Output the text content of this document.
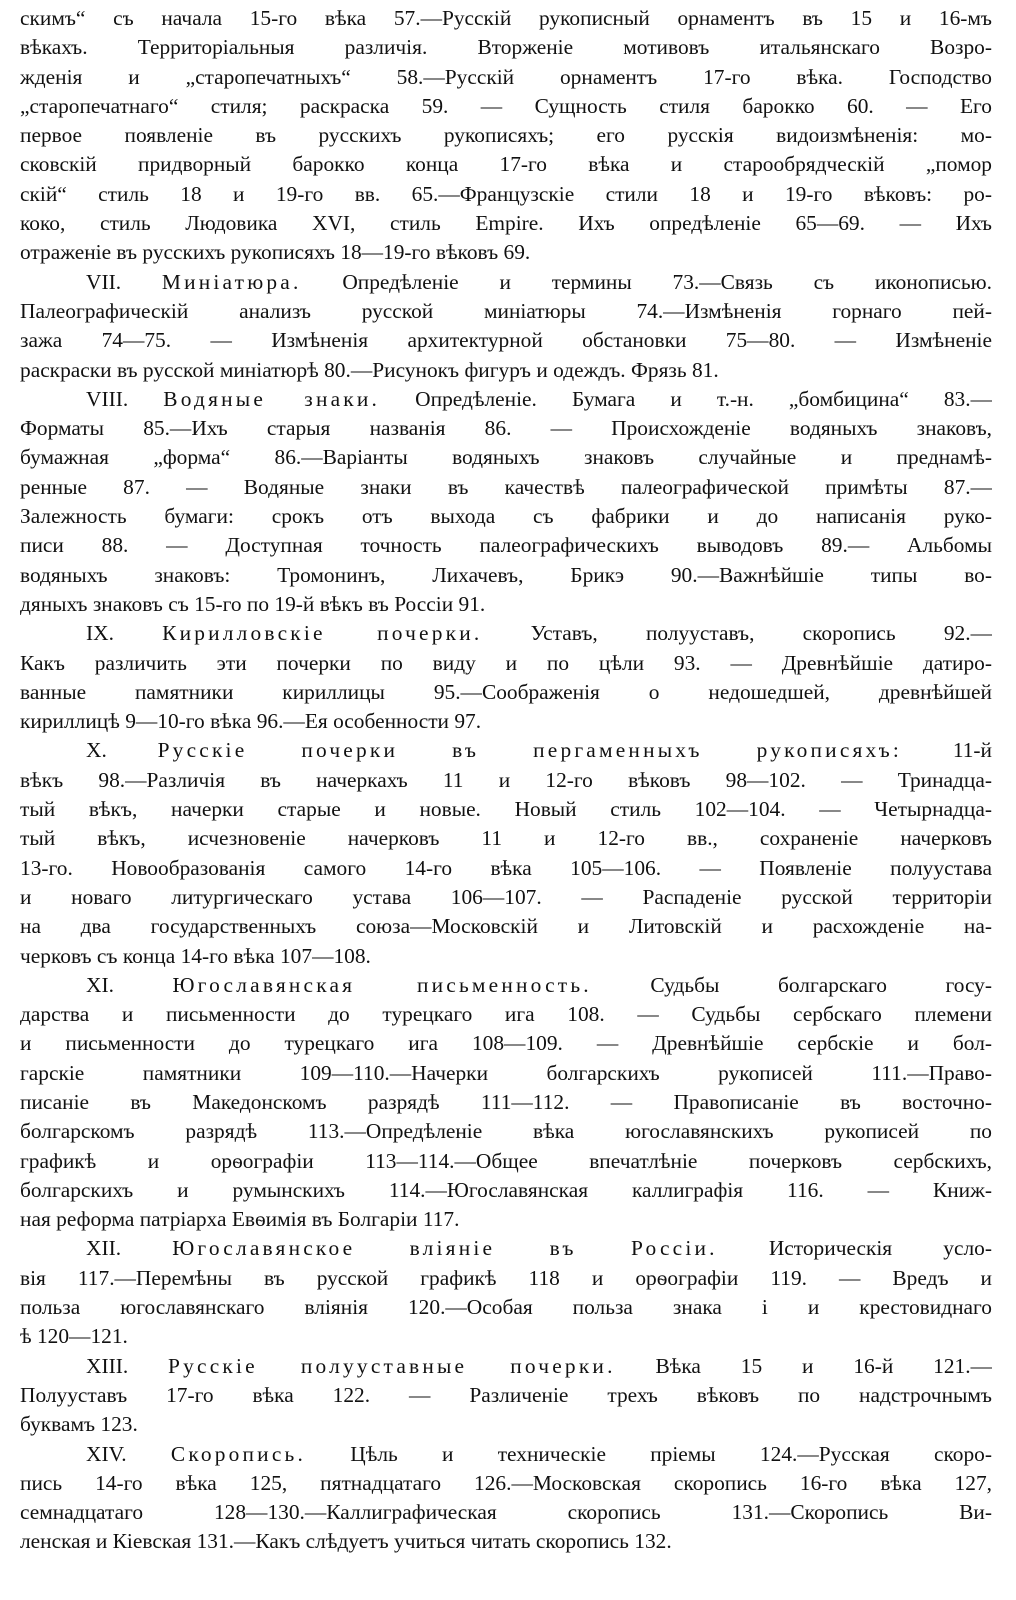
скимъ“ съ начала 15-го вѣка 57.—Русскій рукописный орнаментъ въ 15 и 16-мъ
вѣкахъ. Территоріальныя различія. Вторженіе мотивовъ итальянскаго Возро-
жденія и „старопечатныхъ“ 58.—Русскій орнаментъ 17-го вѣка. Господство
„старопечатнаго“ стиля; раскраска 59. — Сущность стиля барокко 60. — Его
первое появленіе въ русскихъ рукописяхъ; его русскія видоизмѣненія: мо-
сковскій придворный барокко конца 17-го вѣка и старообрядческій „помор
скій“ стиль 18 и 19-го вв. 65.—Французскіе стили 18 и 19-го вѣковъ: ро-
коко, стиль Людовика XVI, стиль Empire. Ихъ опредѣленіе 65—69. — Ихъ
отраженіе въ русскихъ рукописяхъ 18—19-го вѣковъ 69.

VII. Миніатюра. Опредѣленіе и термины 73.—Связь съ иконописью.
Палеографическій анализъ русской миніатюры 74.—Измѣненія горнаго пей-
зажа 74—75. — Измѣненія архитектурной обстановки 75—80. — Измѣненіе
раскраски въ русской миніатюрѣ 80.—Рисунокъ фигуръ и одеждъ. Фрязь 81.

VIII. Водяные знаки. Опредѣленіе. Бумага и т.-н. „бомбицина“ 83.—
Форматы 85.—Ихъ старыя названія 86. — Происхожденіе водяныхъ знаковъ,
бумажная „форма“ 86.—Варіанты водяныхъ знаковъ случайные и преднамѣ-
ренные 87. — Водяные знаки въ качествѣ палеографической примѣты 87.—
Залежность бумаги: срокъ отъ выхода съ фабрики и до написанія руко-
писи 88. — Доступная точность палеографическихъ выводовъ 89.— Альбомы
водяныхъ знаковъ: Тромонинъ, Лихачевъ, Брикэ 90.—Важнѣйшіе типы во-
дяныхъ знаковъ съ 15-го по 19-й вѣкъ въ Россіи 91.

IX. Кирилловскіе почерки. Уставъ, полууставъ, скоропись 92.—
Какъ различить эти почерки по виду и по цѣли 93. — Древнѣйшіе датиро-
ванные памятники кириллицы 95.—Соображенія о недошедшей, древнѣйшей
кириллицѣ 9—10-го вѣка 96.—Ея особенности 97.

X. Русскіе почерки въ пергаменныхъ рукописяхъ: 11-й
вѣкъ 98.—Различія въ начеркахъ 11 и 12-го вѣковъ 98—102. — Тринадца-
тый вѣкъ, начерки старые и новые. Новый стиль 102—104. — Четырнадца-
тый вѣкъ, исчезновеніе начерковъ 11 и 12-го вв., сохраненіе начерковъ
13-го. Новообразованія самого 14-го вѣка 105—106. — Появленіе полуустава
и новаго литургическаго устава 106—107. — Распаденіе русской территоріи
на два государственныхъ союза—Московскій и Литовскій и расхожденіе на-
черковъ съ конца 14-го вѣка 107—108.

XI.	Югославянская письменность.	Судьбы болгарскаго госу-
дарства и письменности до турецкаго ига 108. — Судьбы сербскаго племени
и письменности до турецкаго ига 108—109. — Древнѣйшіе сербскіе и бол-
гарскіе памятники 109—110.—Начерки болгарскихъ рукописей 111.—Право-
писаніе въ Македонскомъ разрядѣ 111—112. — Правописаніе въ восточно-
болгарскомъ разрядѣ 113.—Опредѣленіе вѣка югославянскихъ рукописей по
графикѣ и орѳографіи 113—114.—Общее впечатлѣніе почерковъ сербскихъ,
болгарскихъ и румынскихъ 114.—Югославянская каллиграфія 116. — Книж-
ная реформа патріарха Евѳимія въ Болгаріи 117.

XII. Югославянское вліяніе въ Россіи. Историческія усло-
вія 117.—Перемѣны въ русской графикѣ 118 и орѳографіи 119. — Вредъ и
польза югославянскаго вліянія 120.—Особая польза знака і и крестовиднаго
ѣ 120—121.

XIII. Русскіе полууставные почерки. Вѣка 15 и 16-й 121.—
Полууставъ 17-го вѣка 122. — Различеніе трехъ вѣковъ по надстрочнымъ
буквамъ 123.

XIV. Скоропись. Цѣль и техническіе пріемы 124.—Русская скоро-
пись 14-го вѣка 125, пятнадцатаго 126.—Московская скоропись 16-го вѣка 127,
семнадцатаго 128—130.—Каллиграфическая скоропись 131.—Скоропись Ви-
ленская и Кіевская 131.—Какъ слѣдуетъ учиться читать скоропись 132.
